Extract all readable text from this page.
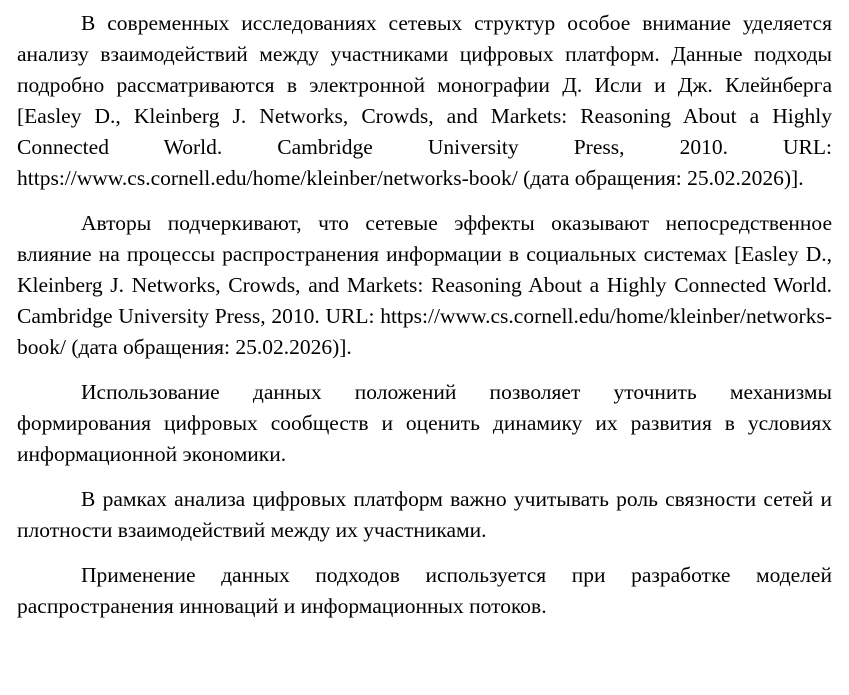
В современных исследованиях сетевых структур особое внимание уделяется анализу взаимодействий между участниками цифровых платформ. Данные подходы подробно рассматриваются в электронной монографии Д. Исли и Дж. Клейнберга [Easley D., Kleinberg J. Networks, Crowds, and Markets: Reasoning About a Highly Connected World. Cambridge University Press, 2010. URL: https://www.cs.cornell.edu/home/kleinber/networks-book/ (дата обращения: 25.02.2026)].

Авторы подчеркивают, что сетевые эффекты оказывают непосредственное влияние на процессы распространения информации в социальных системах [Easley D., Kleinberg J. Networks, Crowds, and Markets: Reasoning About a Highly Connected World. Cambridge University Press, 2010. URL: https://www.cs.cornell.edu/home/kleinber/networks-book/ (дата обращения: 25.02.2026)].

Использование данных положений позволяет уточнить механизмы формирования цифровых сообществ и оценить динамику их развития в условиях информационной экономики.

В рамках анализа цифровых платформ важно учитывать роль связности сетей и плотности взаимодействий между их участниками.

Применение данных подходов используется при разработке моделей распространения инноваций и информационных потоков.
